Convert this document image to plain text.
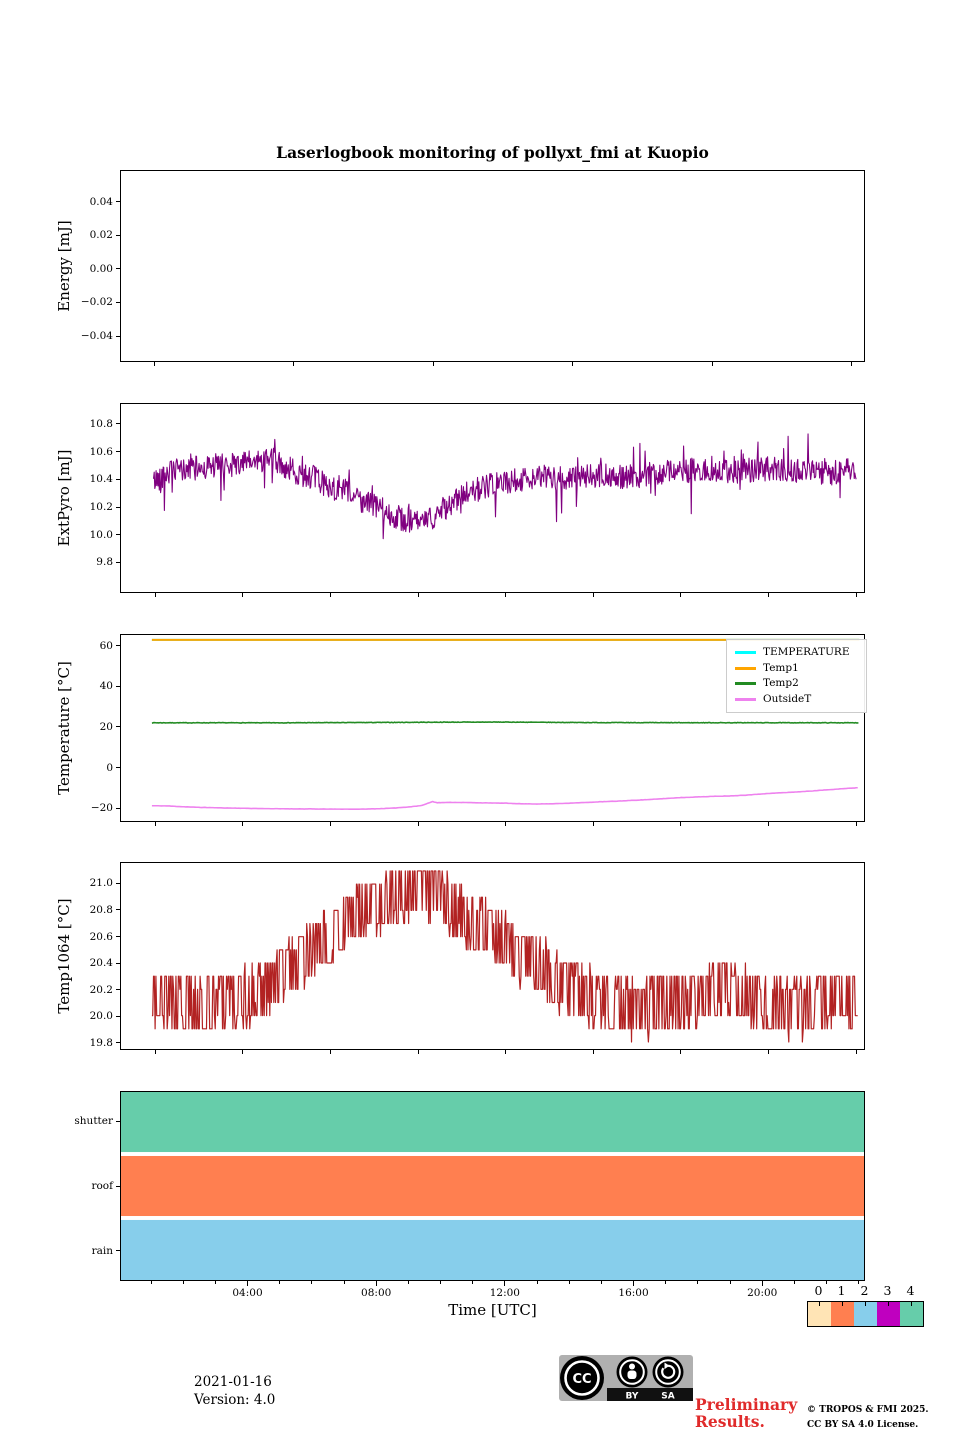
Laserlogbook monitoring of pollyxt_fmi at Kuopio
Time [UTC]
2021-01-16
Version: 4.0
CC
BY	SA Preliminary
Results.
© TROPOS & FMI 2025.
CC BY SA 4.0 License.
0.04
0.02
0.00
−0.02
−0.04
Energy [mJ]
10.8
10.6
10.4
10.2
10.0
9.8
ExtPyro [mJ]
TEMPERATURE
Temp1
Temp2
OutsideT
60
40
20
0
−20
Temperature [°C]
21.0
20.8
20.6
20.4
20.2
20.0
19.8
Temp1064 [°C]
shutter
roof
rain
04:00	08:00	12:00	16:00	20:00	0	1	2	3	4
